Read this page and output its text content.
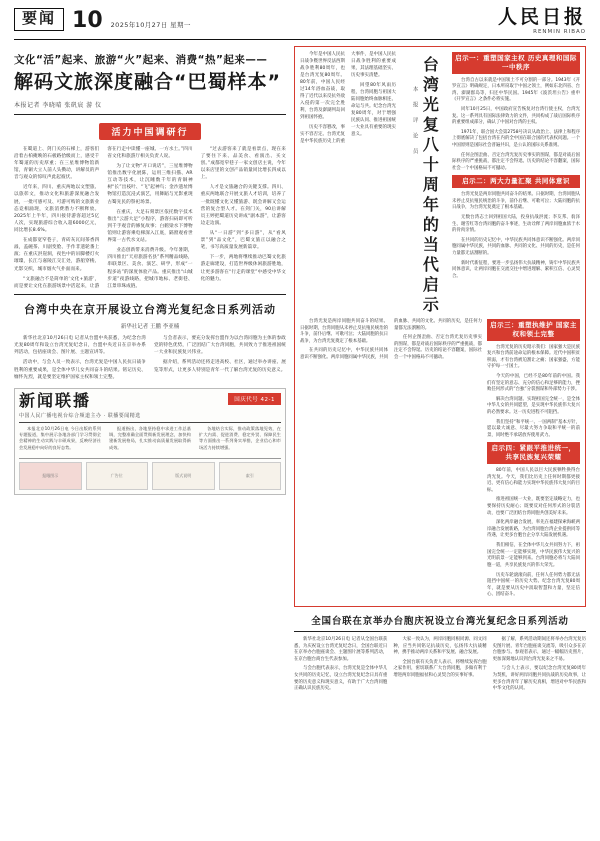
要闻 10 2025年10月27日 星期一	人民日报
RENMIN RIBAO
文化“活”起来、旅游“火”起来、消费“热”起来——
解码文旅深度融合“巴蜀样本”
本报记者 李晓晴 张矾宸 游 仪
活力中国调研行

在蜀道上、剑门关的石梯上，游客们沿着古柏掩映的石板路拾级而上，感受千年蜀道的历史厚重；在三星堆博物馆新馆，青铜大立人前人头攒动，讲解员的声音与观众的惊叹声此起彼伏。

近年来，四川、重庆两地以文塑旅、以旅彰文，推动文化和旅游深度融合发展，一批可感可及、可游可购的文旅新业态竞相涌现，文旅消费潜力不断释放。2025年上半年，四川接待游客超过5亿人次，实现旅游综合收入超6000亿元，同比增长8.6%。

在成都宽窄巷子，青砖灰瓦间茶香四溢，盖碗茶、川剧变脸、手作非遗轮番上演；在重庆洪崖洞，夜色中的吊脚楼灯火璀璨，长江与嘉陵江交汇处，游船穿梭、光影交织，城市烟火气扑面而来。

“文旅融合不是简单的‘文化+旅游’，而是要让文化在旅游场景中活起来，让游客在行走中读懂一座城、一方水土。”四川省文化和旅游厅相关负责人说。

为了让文物“开口说话”，三星堆博物馆推出数字化展陈，运用三维扫描、AR互动等技术，让沉睡数千年的青铜神树“长”出枝叶、“飞”起神鸟；金沙遗址博物馆打造沉浸式演艺，用舞蹈与光影重现古蜀先民的祭祀场景。

在重庆，大足石刻景区依托数字技术推出“云游大足”小程序，游客扫码即可听到千手观音的修复故事；白鹤梁水下博物馆则让游客乘电梯深入江底，隔窗观看世界第一古代水文站。

业态创新带来消费升级。今年暑期，四川推出“天府旅游名县”系列精品线路，串联景区、美食、演艺、研学，形成“一程多站”的深度体验产品。重庆推出“山城步道”夜游线路，把城市地标、老街巷、江景串珠成链。

“过去游客来了就是看景点，现在来了要住下来、品美食、看演出、买文创。”成都宽窄巷子一家文创店主说，今年以来店里的文创产品销量同比增长四成以上。

人才是文旅融合的关键支撑。四川、重庆两地联合开展文旅人才培训，培养了一批既懂文化又懂旅游、既会讲解又会运营的复合型人才。在剑门关，90后讲解员王婷把蜀道历史讲成“剧本游”，让游客边走边演。

从“一日游”到“多日游”，从“看风景”到“品文化”，巴蜀文旅正以融合之笔，书写高质量发展新篇章。

下一步，两地将继续推动巴蜀文化旅游走廊建设，打造世界级休闲旅游胜地，让更多游客在“行走的课堂”中感受中华文化的魅力。

台湾中央在京开展设立台湾光复纪念日系列活动
新华社记者 王鹏 李亚楠

新华社北京10月26日电 记者从台盟中央获悉，为纪念台湾光复80周年和设立台湾光复纪念日，台盟中央近日在京举办系列活动，包括座谈会、图片展、主题宣讲等。

活动中，与会人员一致表示，台湾光复是中国人民抗日战争胜利的重要成果，是全体中华儿女共同奋斗的结果。铭记历史、缅怀先烈，就是要坚定维护国家主权和领土完整。

与会者表示，要充分发挥台盟作为以台湾同胞为主体的参政党的特色优势，广泛团结广大台湾同胞，共同致力于推进祖国统一大业和民族复兴伟业。

据介绍，系列活动还将走进高校、社区，通过举办讲座、展览等形式，让更多人特别是青年一代了解台湾光复的历史意义。

新闻联播	国庆代号 42-1
中国人民广播电视台综合频道主办 · 联播要闻精选

本报北京10月26日电 今日出版的系列专题报道，集中展示各地各部门学习贯彻全会精神的生动实践与丰硕成果，反映经济社会发展稳中向好的良好态势。

报道指出，各地坚持稳中求进工作总基调，完整准确全面贯彻新发展理念，加快构建新发展格局，扎实推动高质量发展取得新成效。

各地结合实际，推动政策落地见效，在扩大内需、促进消费、稳定外贸、保障民生等方面推出一系列务实举措，企业信心和市场活力持续增强。

报眼图示	广告位	版式说明	索引

今年是中国人民抗日战争暨世界反法西斯战争胜利80周年，也是台湾光复80周年。80年前，中国人民经过14年浴血奋战，取得了近代以来反抗外敌入侵的第一次完全胜利，台湾及澎湖列岛回到祖国怀抱。

历史不容篡改，事实不容否定。台湾光复是中华民族历史上的重大事件，是中国人民抗日战争胜利的重要成果，其法理基础坚实、历史事实清楚。

回望80年风雨历程，台湾同胞与祖国大陆同胞始终血脉相连、命运与共。纪念台湾光复80周年，对于增强民族认同、推进祖国统一大业具有重要的现实意义。	台湾光复八十周年的当代启示
本 报 评 论 员
启示一：重塑国家主权 历史真理和国际一中秩序

台湾自古以来就是中国领土不可分割的一部分。1943年《开罗宣言》明确规定，日本所窃取于中国之领土，例如东北四省、台湾、澎湖群岛等，归还中华民国。1945年《波茨坦公告》重申《开罗宣言》之条件必将实施。

同年10月25日，中国政府宣告恢复对台湾行使主权，台湾光复。这一系列具有国际法律效力的文件，共同构成了战后国际秩序的重要组成部分，确认了中国对台湾的主权。

1971年，联合国大会第2758号决议从政治上、法律上和程序上彻底解决了包括台湾在内的全中国在联合国的代表权问题。一个中国原则是国际社会普遍共识，是公认的国际关系准则。

任何企图歪曲、否定台湾光复历史事实的图谋，都是对战后国际秩序的严重挑战，都注定不会得逞。历史的结论不容翻案，国际社会一个中国格局不可撼动。

启示二：两大力量汇聚 共同体意识

台湾光复是两岸同胞共同奋斗的结果。日据时期，台湾同胞从未停止反抗殖民统治的斗争，前仆后继、可歌可泣；大陆同胞的抗日战争，为台湾光复奠定了根本基础。

无数台湾志士回到祖国大陆，投身抗战洪流；李友邦、翁泽生、谢雪红等台湾同胞的奋斗事迹，生动诠释了两岸同胞血浓于水的骨肉亲情。

在共同的历史记忆中，中华民族共同体意识不断强化。两岸同胞同属中华民族，共同的血脉、共同的文化、共同的历史，是任何力量都无法割断的。

新时代新征程，要进一步弘扬伟大抗战精神，铸牢中华民族共同体意识，让两岸同胞在交流交往中增进理解、累积互信、心灵契合。

台湾光复是两岸同胞共同奋斗的结果。日据时期，台湾同胞从未停止反抗殖民统治的斗争，前仆后继、可歌可泣；大陆同胞的抗日战争，为台湾光复奠定了根本基础。

在共同的历史记忆中，中华民族共同体意识不断强化。两岸同胞同属中华民族，共同的血脉、共同的文化、共同的历史，是任何力量都无法割断的。

任何企图歪曲、否定台湾光复历史事实的图谋，都是对战后国际秩序的严重挑战，都注定不会得逞。历史的结论不容翻案，国际社会一个中国格局不可撼动。

启示三：重塑执维护 国家主权和领土完整

台湾光复的历史昭示我们：国家强大是民族复兴和台湾前途命运的根本保障。近代中国积贫积弱，才有台湾被迫割让之痛；国家强盛，方能守护每一寸国土。

今天的中国，已经不是80年前的中国。我们有坚定的意志、充分的信心和足够的能力，挫败任何形式的“台独”分裂图谋和外部势力干涉。

解决台湾问题、实现祖国完全统一，是全体中华儿女的共同愿望，是实现中华民族伟大复兴的必然要求。这一历史进程不可阻挡。

我们坚持“和平统一、一国两制”基本方针，愿以最大诚意、尽最大努力争取和平统一的前景，同时绝不承诺放弃使用武力。

启示四：紧跟平推进统一，共享民族复兴荣耀

80年前，中国人民以巨大民族牺牲换得台湾光复。今天，我们比历史上任何时期都更接近、更有信心和能力实现中华民族伟大复兴的目标。

推进祖国统一大业，既要坚定战略定力，也要保持历史耐心；既要反对任何形式的分裂活动，也要广泛团结台湾同胞共创美好未来。

深化两岸融合发展，率先在福建探索海峡两岸融合发展新路，为台湾同胞台湾企业提供同等待遇，让更多台胞台企分享大陆发展机遇。

我们相信，在全体中华儿女共同努力下，祖国完全统一一定能够实现，中华民族伟大复兴的光明前景一定能够到来。台湾同胞必将与大陆同胞一道，共享民族复兴的伟大荣光。

历史车轮滚滚向前，任何人任何势力都无法阻挡中国统一的历史大势。纪念台湾光复80周年，就是要从历史中汲取智慧和力量，坚定信心、团结奋斗。

全国台联在京举办台胞庆祝设立台湾光复纪念日系列活动

新华社北京10月26日电 记者从全国台联获悉，为庆祝设立台湾光复纪念日，全国台联近日在京举办台胞座谈会、主题图片展等系列活动，在京台胞台商台生代表参加。

与会台胞代表表示，台湾光复是全体中华儿女共同的历史记忆，设立台湾光复纪念日具有重要的历史意义和现实意义，有助于广大台湾同胞正确认识民族历史。

大家一致认为，两岸同胞同根同源、同文同种，应当共同铭记抗战历史，弘扬伟大抗战精神，携手推动两岸关系和平发展、融合发展。

全国台联有关负责人表示，将继续发挥台胞之家作用，密切联系广大台湾同胞，多做有利于增进两岸同胞福祉和心灵契合的实事好事。

据了解，系列活动期间还将举办台湾光复历史图片展、青年台胞座谈交流等，吸引众多在京台胞参与。参观者表示，通过一幅幅历史照片，更加深刻地认识到台湾光复来之不易。

与会人士表示，要以纪念台湾光复80周年为契机，讲好两岸同胞共同抗战的历史故事，让更多台湾青年了解历史真相，增进对中华民族和中华文化的认同。
